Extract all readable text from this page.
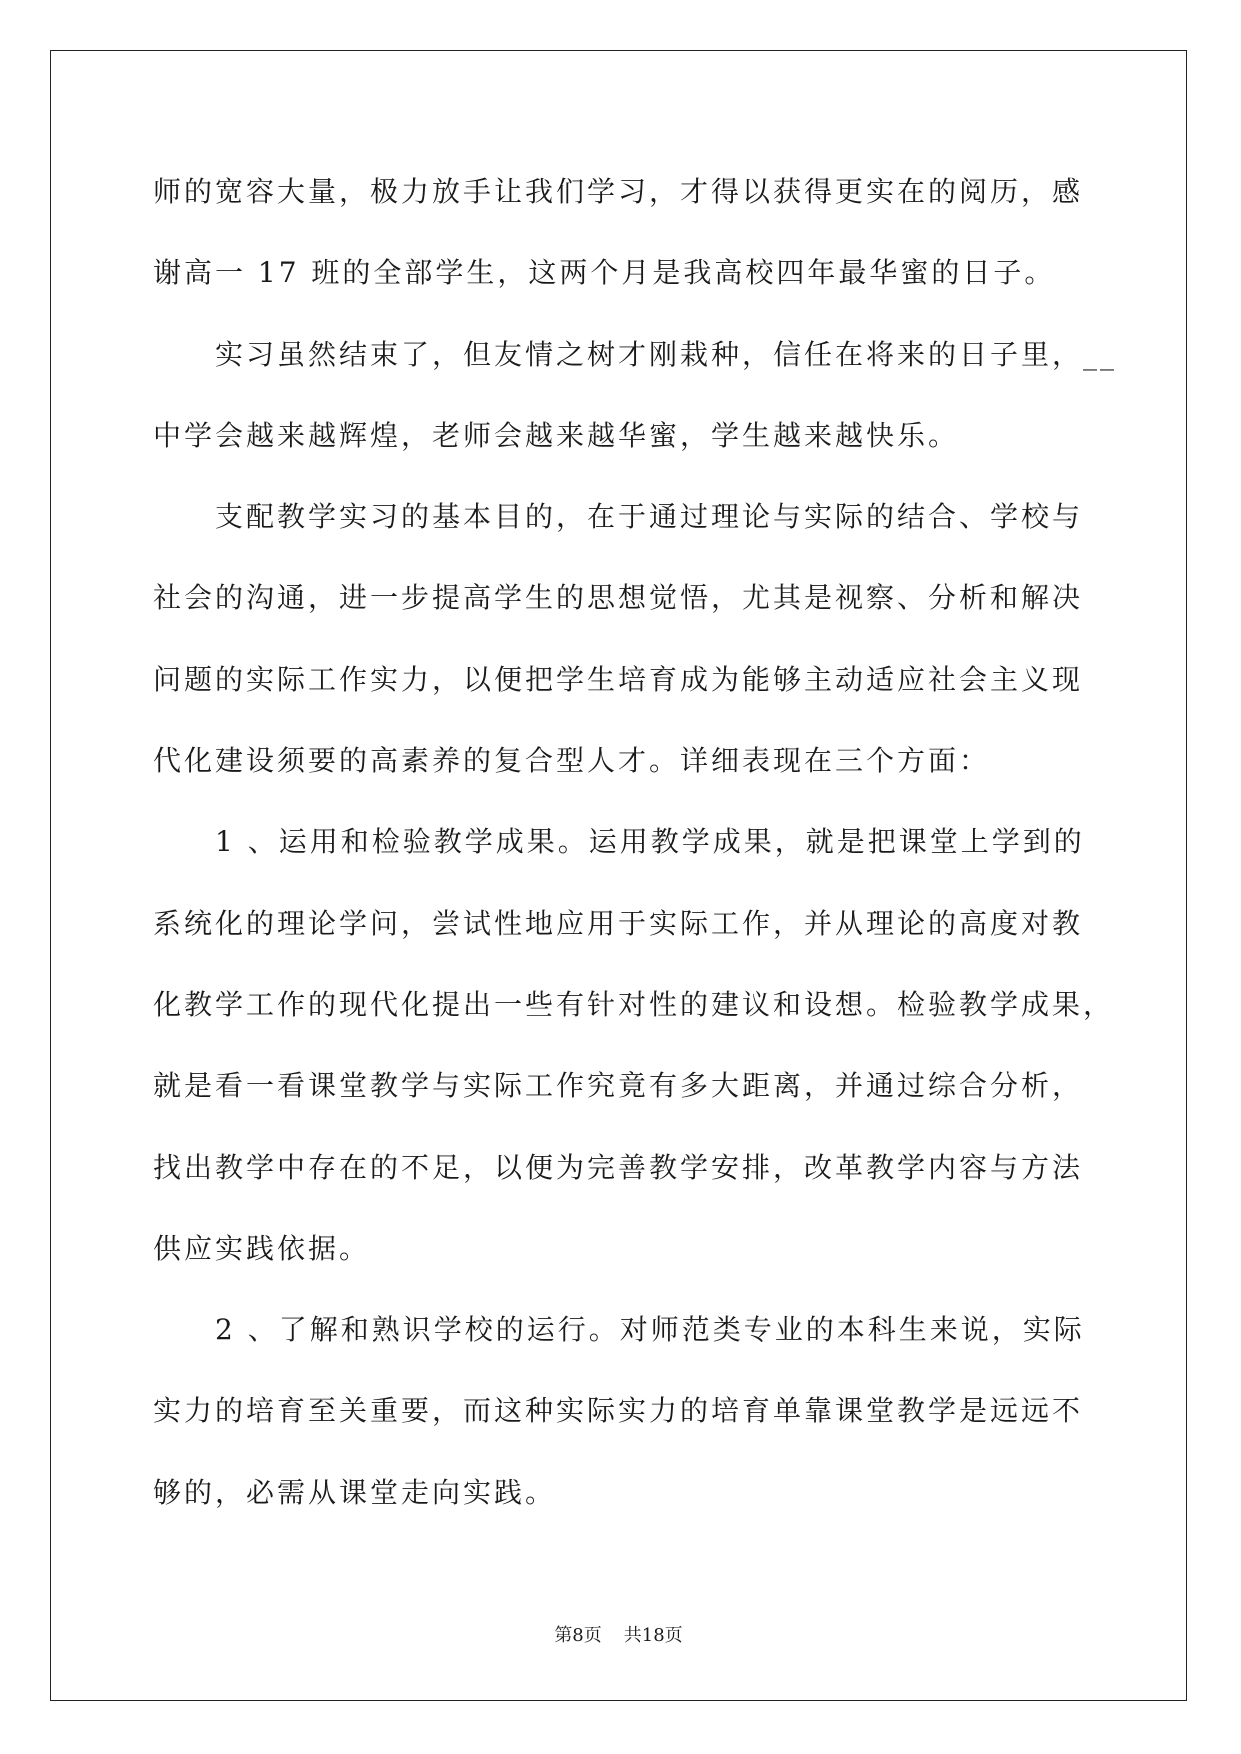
师的宽容大量，极力放手让我们学习，才得以获得更实在的阅历，感
谢高一 17 班的全部学生，这两个月是我高校四年最华蜜的日子。
实习虽然结束了，但友情之树才刚栽种，信任在将来的日子里，__
中学会越来越辉煌，老师会越来越华蜜，学生越来越快乐。
支配教学实习的基本目的，在于通过理论与实际的结合、学校与
社会的沟通，进一步提高学生的思想觉悟，尤其是视察、分析和解决
问题的实际工作实力，以便把学生培育成为能够主动适应社会主义现
代化建设须要的高素养的复合型人才。详细表现在三个方面：
1 、运用和检验教学成果。运用教学成果，就是把课堂上学到的
系统化的理论学问，尝试性地应用于实际工作，并从理论的高度对教
化教学工作的现代化提出一些有针对性的建议和设想。检验教学成果，
就是看一看课堂教学与实际工作究竟有多大距离，并通过综合分析，
找出教学中存在的不足，以便为完善教学安排，改革教学内容与方法
供应实践依据。
2 、了解和熟识学校的运行。对师范类专业的本科生来说，实际
实力的培育至关重要，而这种实际实力的培育单靠课堂教学是远远不
够的，必需从课堂走向实践。
第8页 共18页
